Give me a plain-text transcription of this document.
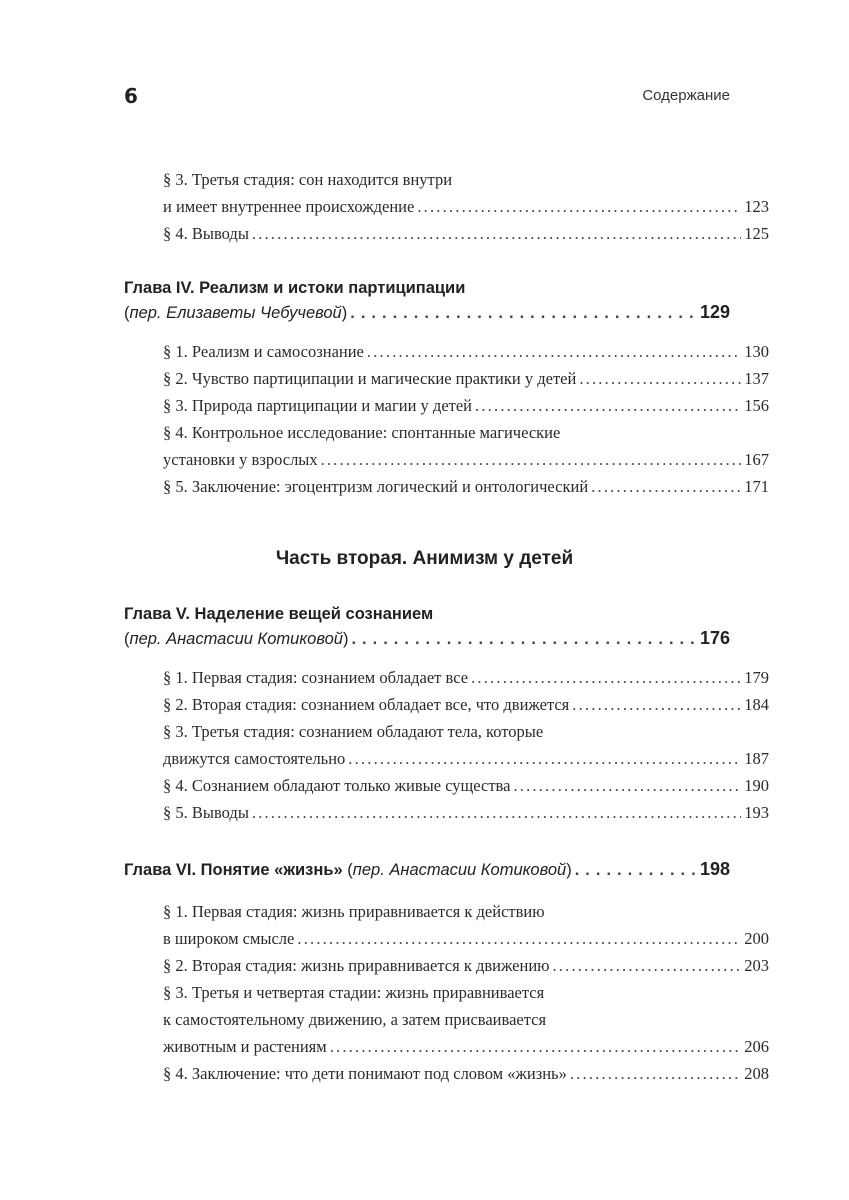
6	Содержание
§ 3. Третья стадия: сон находится внутри
и имеет внутреннее происхождение .....	123
§ 4. Выводы .....	125
Глава IV. Реализм и истоки партиципации
(пер. Елизаветы Чебучевой) .....	129
§ 1. Реализм и самосознание .....	130
§ 2. Чувство партиципации и магические практики у детей .....	137
§ 3. Природа партиципации и магии у детей .....	156
§ 4. Контрольное исследование: спонтанные магические
установки у взрослых .....	167
§ 5. Заключение: эгоцентризм логический и онтологический .....	171
Часть вторая. Анимизм у детей
Глава V. Наделение вещей сознанием
(пер. Анастасии Котиковой) .....	176
§ 1. Первая стадия: сознанием обладает все .....	179
§ 2. Вторая стадия: сознанием обладает все, что движется .....	184
§ 3. Третья стадия: сознанием обладают тела, которые
движутся самостоятельно .....	187
§ 4. Сознанием обладают только живые существа .....	190
§ 5. Выводы .....	193
Глава VI. Понятие «жизнь» (пер. Анастасии Котиковой) .....	198
§ 1. Первая стадия: жизнь приравнивается к действию
в широком смысле .....	200
§ 2. Вторая стадия: жизнь приравнивается к движению .....	203
§ 3. Третья и четвертая стадии: жизнь приравнивается
к самостоятельному движению, а затем присваивается
животным и растениям .....	206
§ 4. Заключение: что дети понимают под словом «жизнь» .....	208
